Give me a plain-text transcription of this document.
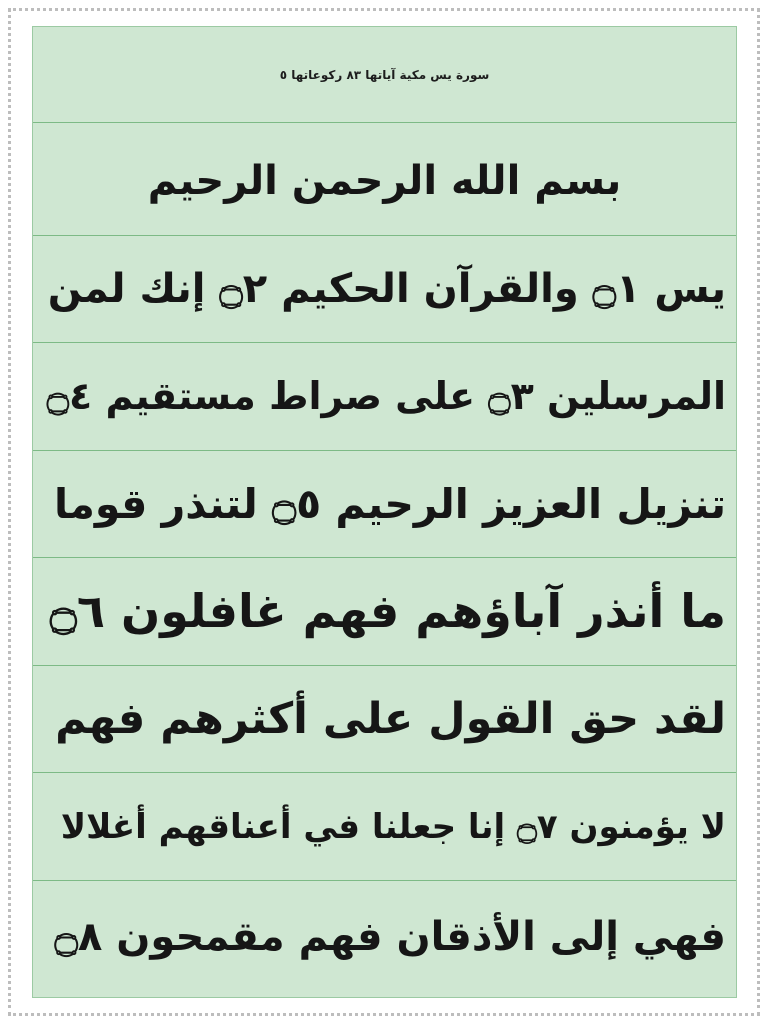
سورة يس مكية آياتها ٨٣ ركوعاتها ٥
بسم الله الرحمن الرحيم
يس ۝١ والقرآن الحكيم ۝٢ إنك لمن
المرسلين ۝٣ على صراط مستقيم ۝٤
تنزيل العزيز الرحيم ۝٥ لتنذر قوما
ما أنذر آباؤهم فهم غافلون ۝٦
لقد حق القول على أكثرهم فهم
لا يؤمنون ۝٧ إنا جعلنا في أعناقهم أغلالا
فهي إلى الأذقان فهم مقمحون ۝٨
